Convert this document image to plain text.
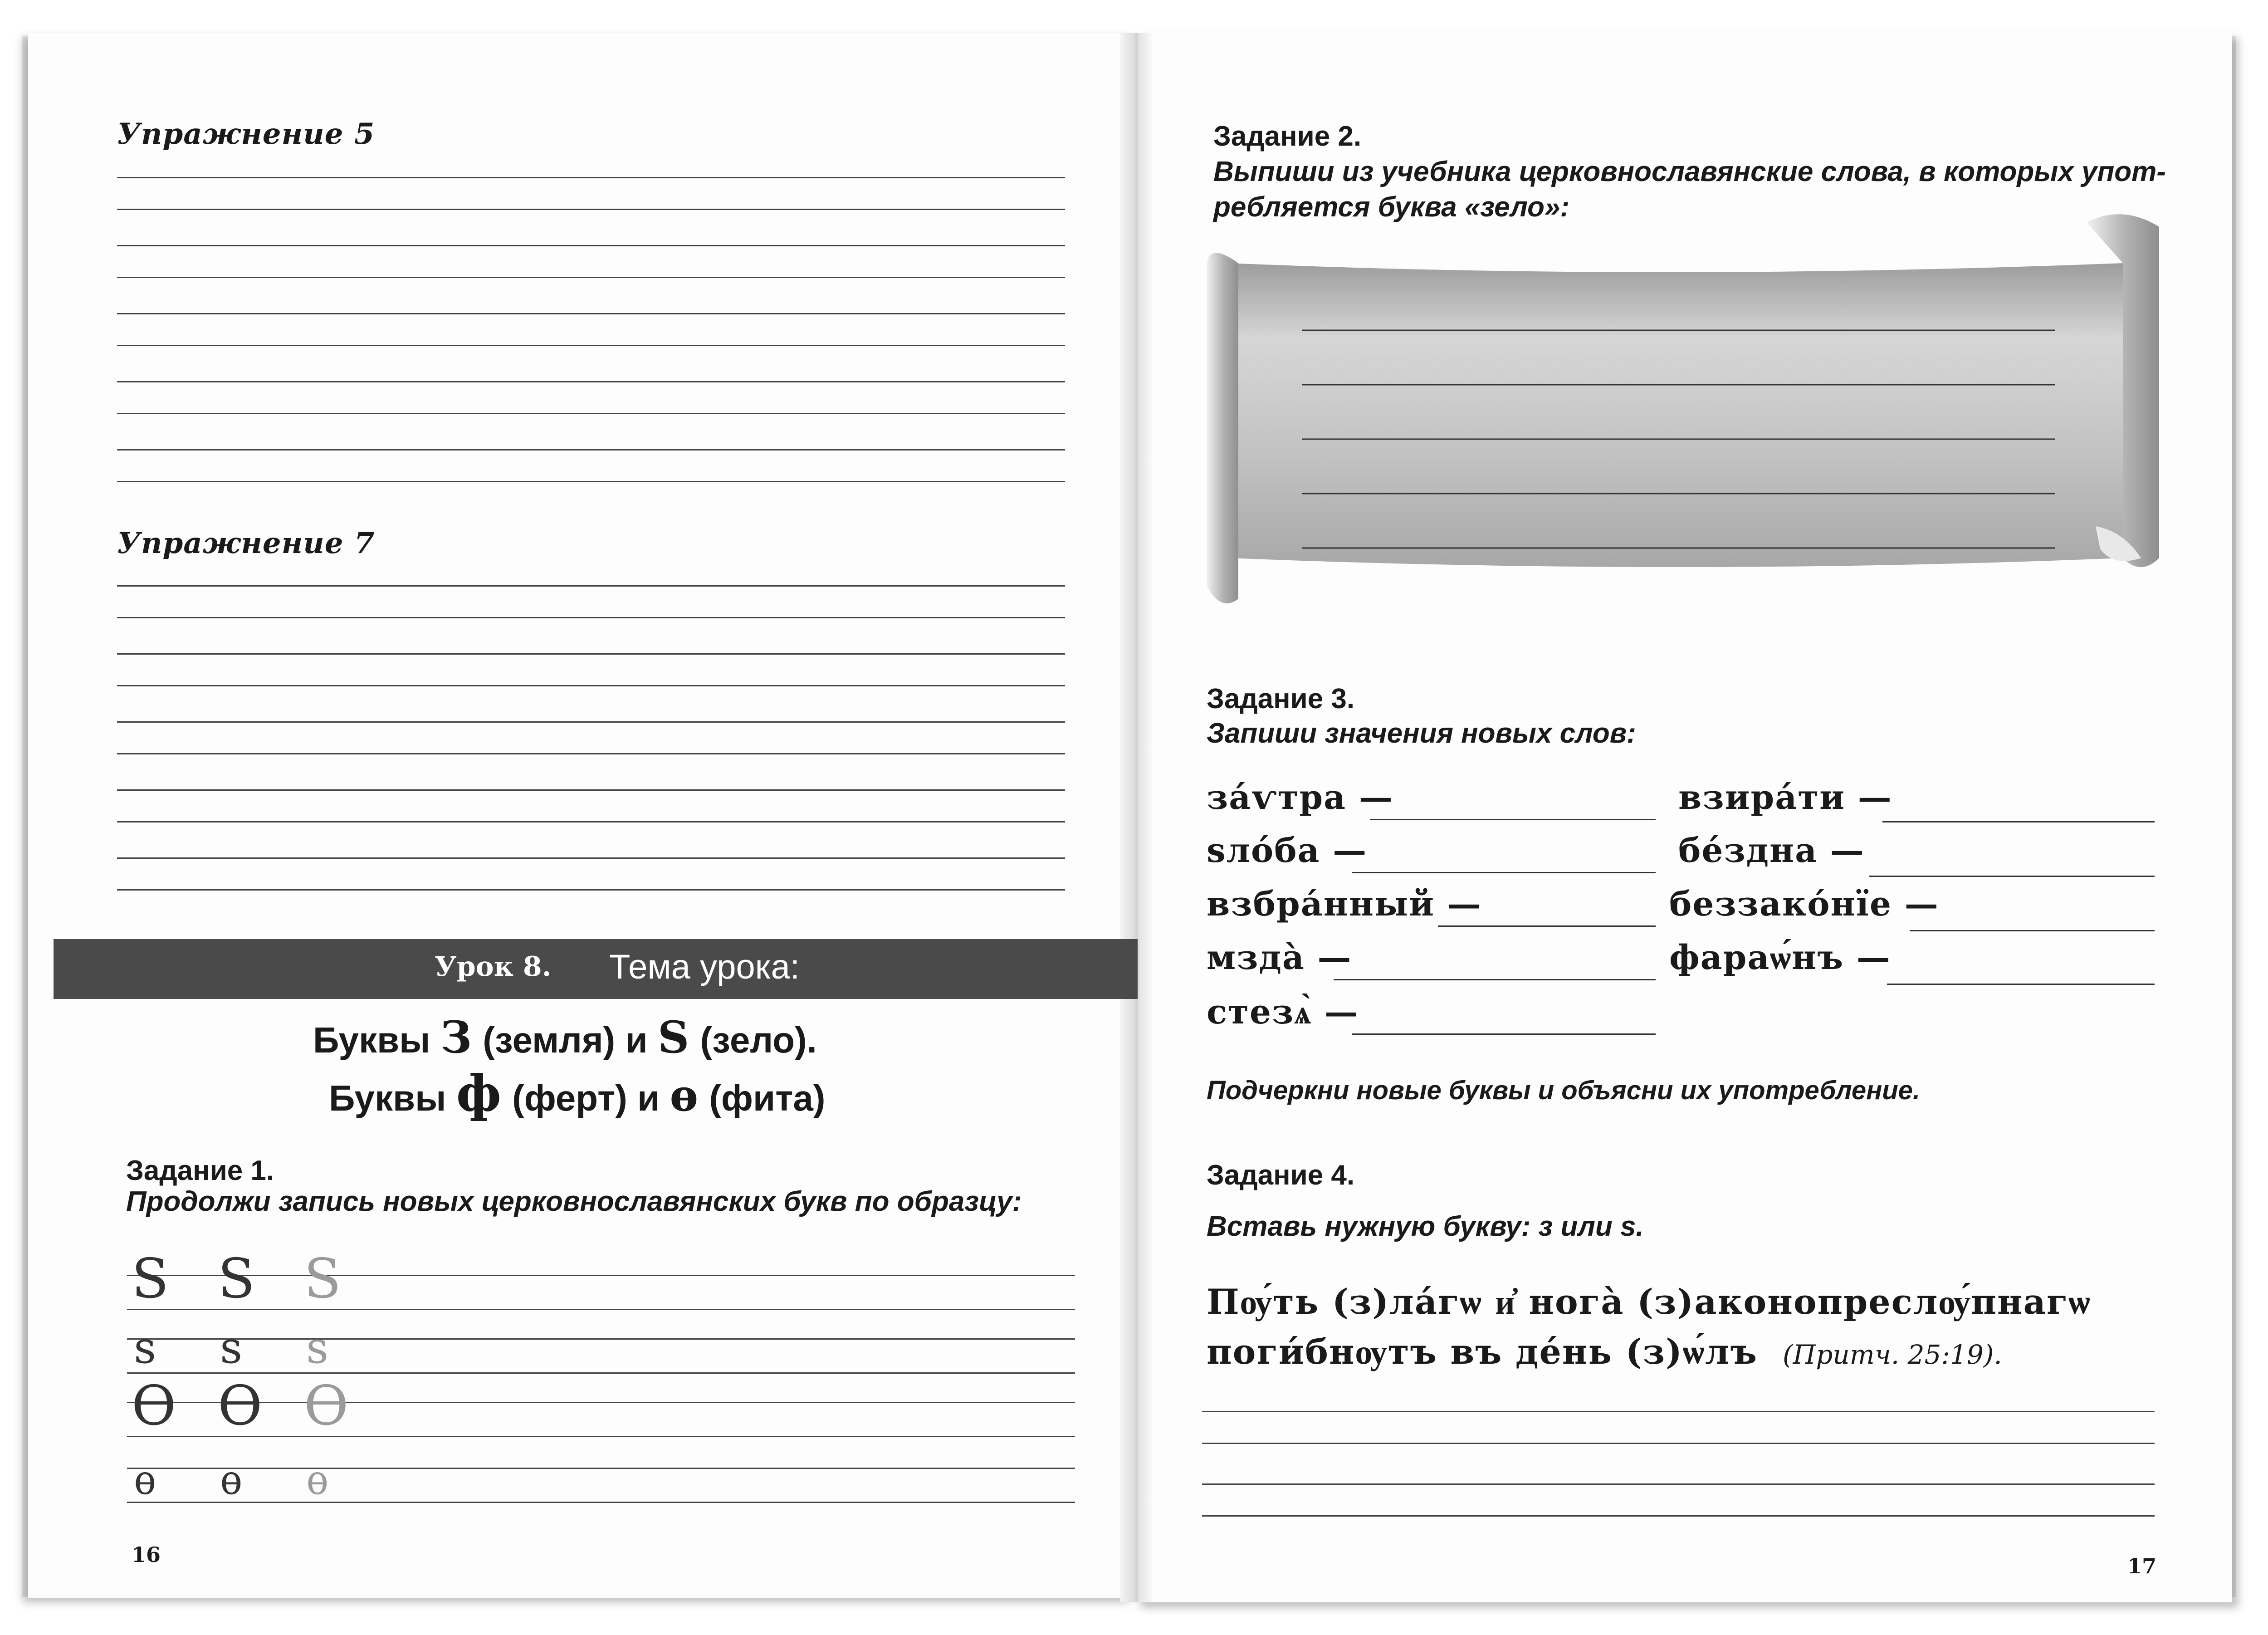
Упражнение 5
Упражнение 7
Урок 8. Тема урока:
Буквы З (земля) и Ѕ (зело).
Буквы ф (ферт) и ѳ (фита)
Задание 1.
Продолжи запись новых церковнославянских букв по образцу:
Ѕ Ѕ Ѕ
ѕ ѕ ѕ
Ѳ Ѳ Ѳ
ѳ ѳ ѳ
16
Задание 2.
Выпиши из учебника церковнославянские слова, в которых упот-
ребляется буква «зело»:
Задание 3.
Запиши значения новых слов:
за́ѵтра —
ѕло́ба —
взбра́нный —
мзда̀ —
стезѧ̀ —
взира́ти —
бе́здна —
беззако́нїе —
фараѡ́нъ —
Подчеркни новые буквы и объясни их употребление.
Задание 4.
Вставь нужную букву: з или ѕ.
Пѹ́ть (з)ла́гѡ и҆ нога̀ (з)аконопреслѹ́пнагѡ
поги́бнѹтъ въ де́нь (з)ѡ́лъ (Притч. 25:19).
17
